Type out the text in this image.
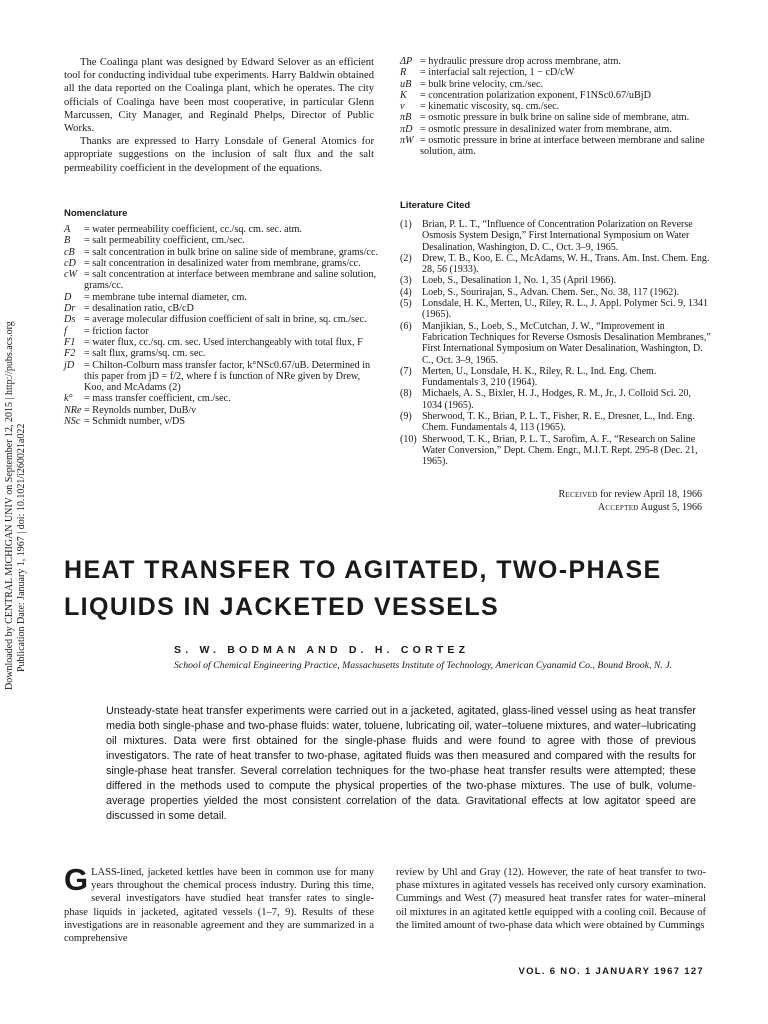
Downloaded by CENTRAL MICHIGAN UNIV on September 12, 2015 | http://pubs.acs.org Publication Date: January 1, 1967 | doi: 10.1021/i260021a022

The Coalinga plant was designed by Edward Selover as an efficient tool for conducting individual tube experiments. Harry Baldwin obtained all the data reported on the Coalinga plant, which he operates. The city officials of Coalinga have been most cooperative, in particular Glenn Marcussen, City Manager, and Reginald Phelps, Director of Public Works.

Thanks are expressed to Harry Lonsdale of General Atomics for appropriate suggestions on the inclusion of salt flux and the salt permeability coefficient in the development of the equations.

Nomenclature
A	= water permeability coefficient, cc./sq. cm. sec. atm.
B	= salt permeability coefficient, cm./sec.
cB = salt concentration in bulk brine on saline side of membrane, grams/cc.
cD = salt concentration in desalinized water from membrane, grams/cc.
cW = salt concentration at interface between membrane and saline solution, grams/cc.
D	= membrane tube internal diameter, cm.
Dr = desalination ratio, cB/cD
Ds = average molecular diffusion coefficient of salt in brine, sq. cm./sec.
f	= friction factor
F1 = water flux, cc./sq. cm. sec. Used interchangeably with total flux, F
F2 = salt flux, grams/sq. cm. sec.
jD = Chilton-Colburn mass transfer factor, k°NSc0.67/uB. Determined in this paper from jD = f/2, where f is function of NRe given by Drew, Koo, and McAdams (2)
k°	= mass transfer coefficient, cm./sec.
NRe = Reynolds number, DuB/ν
NSc = Schmidt number, ν/DS
ΔP = hydraulic pressure drop across membrane, atm.
R	= interfacial salt rejection, 1 − cD/cW
uB = bulk brine velocity, cm./sec.
K	= concentration polarization exponent, F1NSc0.67/uBjD
ν	= kinematic viscosity, sq. cm./sec.
πB = osmotic pressure in bulk brine on saline side of membrane, atm.
πD = osmotic pressure in desalinized water from membrane, atm.
πW = osmotic pressure in brine at interface between membrane and saline solution, atm.
Literature Cited
(1)	Brian, P. L. T., “Influence of Concentration Polarization on Reverse Osmosis System Design,” First International Symposium on Water Desalination, Washington, D. C., Oct. 3–9, 1965.
(2)	Drew, T. B., Koo, E. C., McAdams, W. H., Trans. Am. Inst. Chem. Eng. 28, 56 (1933).
(3)	Loeb, S., Desalination 1, No. 1, 35 (April 1966).
(4)	Loeb, S., Sourirajan, S., Advan. Chem. Ser., No. 38, 117 (1962).
(5)	Lonsdale, H. K., Merten, U., Riley, R. L., J. Appl. Polymer Sci. 9, 1341 (1965).
(6)	Manjikian, S., Loeb, S., McCutchan, J. W., “Improvement in Fabrication Techniques for Reverse Osmosis Desalination Membranes,” First International Symposium on Water Desalination, Washington, D. C., Oct. 3–9, 1965.
(7)	Merten, U., Lonsdale, H. K., Riley, R. L., Ind. Eng. Chem. Fundamentals 3, 210 (1964).
(8)	Michaels, A. S., Bixler, H. J., Hodges, R. M., Jr., J. Colloid Sci. 20, 1034 (1965).
(9)	Sherwood, T. K., Brian, P. L. T., Fisher, R. E., Dresner, L., Ind. Eng. Chem. Fundamentals 4, 113 (1965).
(10) Sherwood, T. K., Brian, P. L. T., Sarofim, A. F., “Research on Saline Water Conversion,” Dept. Chem. Engr., M.I.T. Rept. 295-8 (Dec. 21, 1965).
Received for review April 18, 1966
Accepted August 5, 1966
HEAT TRANSFER TO AGITATED, TWO-PHASE
LIQUIDS IN JACKETED VESSELS
S. W. BODMAN AND D. H. CORTEZ
School of Chemical Engineering Practice, Massachusetts Institute of Technology, American Cyanamid Co., Bound Brook, N. J.
Unsteady-state heat transfer experiments were carried out in a jacketed, agitated, glass-lined vessel using as heat transfer media both single-phase and two-phase fluids: water, toluene, lubricating oil, water–toluene mixtures, and water–lubricating oil mixtures. Data were first obtained for the single-phase fluids and were found to agree with those of previous investigators. The rate of heat transfer to two-phase, agitated fluids was then measured and compared with the results for single-phase heat transfer. Several correlation techniques for the two-phase heat transfer results were attempted; these differed in the methods used to compute the physical properties of the two-phase mixtures. The use of bulk, volume-average properties yielded the most consistent correlation of the data. Gravitational effects at low agitator speed are discussed in some detail.
GLASS-lined, jacketed kettles have been in common use for many years throughout the chemical process industry. During this time, several investigators have studied heat transfer rates to single-phase liquids in jacketed, agitated vessels (1–7, 9). Results of these investigations are in reasonable agreement and they are summarized in a comprehensive
review by Uhl and Gray (12). However, the rate of heat transfer to two-phase mixtures in agitated vessels has received only cursory examination. Cummings and West (7) measured heat transfer rates for water–mineral oil mixtures in an agitated kettle equipped with a cooling coil. Because of the limited amount of two-phase data which were obtained by Cummings
VOL. 6 NO. 1 JANUARY 1967 127
